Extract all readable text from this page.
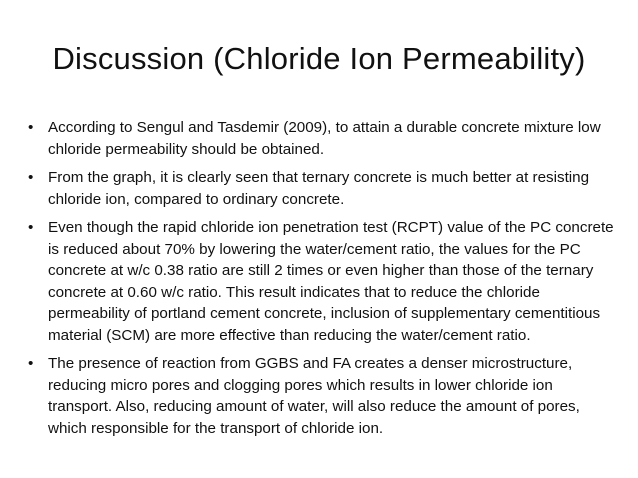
Discussion (Chloride Ion Permeability)
• According to Sengul and Tasdemir (2009), to attain a durable concrete mixture low chloride permeability should be obtained.
• From the graph, it is clearly seen that ternary concrete is much better at resisting chloride ion, compared to ordinary concrete.
• Even though the rapid chloride ion penetration test (RCPT) value of the PC concrete is reduced about 70% by lowering the water/cement ratio, the values for the PC concrete at w/c 0.38 ratio are still 2 times or even higher than those of the ternary concrete at 0.60 w/c ratio. This result indicates that to reduce the chloride permeability of portland cement concrete, inclusion of supplementary cementitious material (SCM) are more effective than reducing the water/cement ratio.
• The presence of reaction from GGBS and FA creates a denser microstructure, reducing micro pores and clogging pores which results in lower chloride ion transport. Also, reducing amount of water, will also reduce the amount of pores, which responsible for the transport of chloride ion.
